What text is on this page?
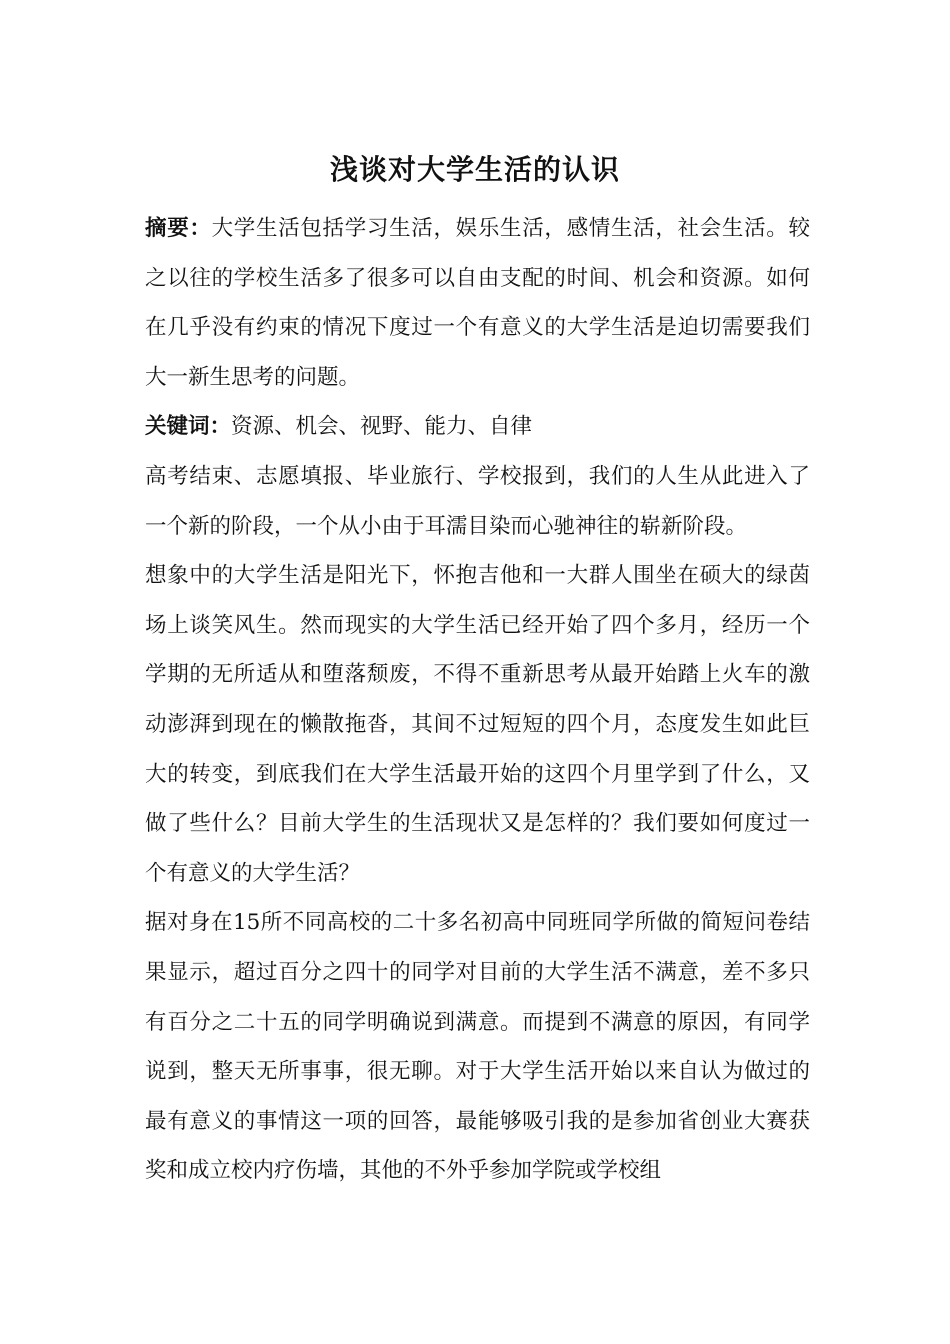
浅谈对大学生活的认识

摘要：大学生活包括学习生活，娱乐生活，感情生活，社会生活。较之以往的学校生活多了很多可以自由支配的时间、机会和资源。如何在几乎没有约束的情况下度过一个有意义的大学生活是迫切需要我们大一新生思考的问题。

关键词：资源、机会、视野、能力、自律

高考结束、志愿填报、毕业旅行、学校报到，我们的人生从此进入了一个新的阶段，一个从小由于耳濡目染而心驰神往的崭新阶段。

想象中的大学生活是阳光下，怀抱吉他和一大群人围坐在硕大的绿茵场上谈笑风生。然而现实的大学生活已经开始了四个多月，经历一个学期的无所适从和堕落颓废，不得不重新思考从最开始踏上火车的激动澎湃到现在的懒散拖沓，其间不过短短的四个月，态度发生如此巨大的转变，到底我们在大学生活最开始的这四个月里学到了什么，又做了些什么？目前大学生的生活现状又是怎样的？我们要如何度过一个有意义的大学生活？

据对身在15所不同高校的二十多名初高中同班同学所做的简短问卷结果显示，超过百分之四十的同学对目前的大学生活不满意，差不多只有百分之二十五的同学明确说到满意。而提到不满意的原因，有同学说到，整天无所事事，很无聊。对于大学生活开始以来自认为做过的最有意义的事情这一项的回答，最能够吸引我的是参加省创业大赛获奖和成立校内疗伤墙，其他的不外乎参加学院或学校组
